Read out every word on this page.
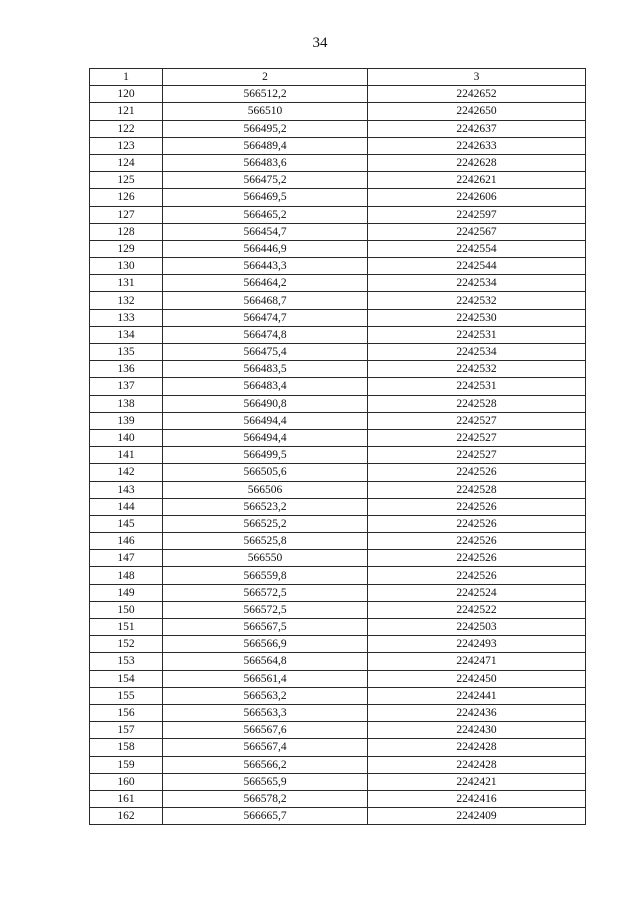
34
1	2	3
120	566512,2	2242652
121	566510	2242650
122	566495,2	2242637
123	566489,4	2242633
124	566483,6	2242628
125	566475,2	2242621
126	566469,5	2242606
127	566465,2	2242597
128	566454,7	2242567
129	566446,9	2242554
130	566443,3	2242544
131	566464,2	2242534
132	566468,7	2242532
133	566474,7	2242530
134	566474,8	2242531
135	566475,4	2242534
136	566483,5	2242532
137	566483,4	2242531
138	566490,8	2242528
139	566494,4	2242527
140	566494,4	2242527
141	566499,5	2242527
142	566505,6	2242526
143	566506	2242528
144	566523,2	2242526
145	566525,2	2242526
146	566525,8	2242526
147	566550	2242526
148	566559,8	2242526
149	566572,5	2242524
150	566572,5	2242522
151	566567,5	2242503
152	566566,9	2242493
153	566564,8	2242471
154	566561,4	2242450
155	566563,2	2242441
156	566563,3	2242436
157	566567,6	2242430
158	566567,4	2242428
159	566566,2	2242428
160	566565,9	2242421
161	566578,2	2242416
162	566665,7	2242409
